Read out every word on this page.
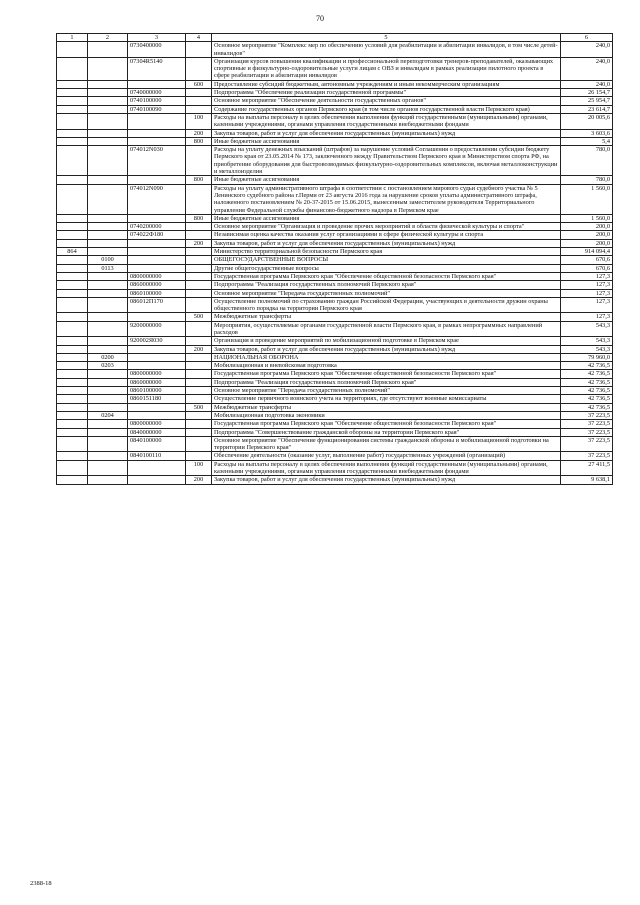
70
1	2	3	4	5	6
		0730400000		Основное мероприятие "Комплекс мер по обеспечению условий для реабилитации и абилитации инвалидов, в том числе детей-инвалидов"	240,0
		07304R5140		Организация курсов повышения квалификации и профессиональной переподготовки тренеров-преподавателей, оказывающих спортивные и физкультурно-оздоровительные услуги лицам с ОВЗ и инвалидам в рамках реализации пилотного проекта в сфере реабилитации и абилитации инвалидов	240,0
			600	Предоставление субсидий бюджетным, автономным учреждениям и иным некоммерческим организациям	240,0
		0740000000		Подпрограмма "Обеспечение реализации государственной программы"	26 154,7
		0740100000		Основное мероприятие "Обеспечение деятельности государственных органов"	25 954,7
		0740100090		Содержание государственных органов Пермского края (в том числе органов государственной власти Пермского края)	23 614,7
			100	Расходы на выплаты персоналу в целях обеспечения выполнения функций государственными (муниципальными) органами, казенными учреждениями, органами управления государственными внебюджетными фондами	20 005,6
			200	Закупка товаров, работ и услуг для обеспечения государственных (муниципальных) нужд	3 603,6
			800	Иные бюджетные ассигнования	5,4
		074012N030		Расходы на уплату денежных взысканий (штрафов) за нарушение условий Соглашения о предоставлении субсидии бюджету Пермского края от 23.05.2014 № 173, заключенного между Правительством Пермского края и Министерством спорта РФ, на приобретение оборудования для быстровозводимых физкультурно-оздоровительных комплексов, включая металлоконструкции и металлоизделия	780,0
			800	Иные бюджетные ассигнования	780,0
		074012N090		Расходы на уплату административного штрафа в соответствии с постановлением мирового судьи судебного участка № 5 Ленинского судебного района г.Перми от 23 августа 2016 года за нарушение сроков уплаты административного штрафа, наложенного постановлением № 20-37-2015 от 15.06.2015, вынесенным заместителем руководителя Территориального управления Федеральной службы финансово-бюджетного надзора в Пермском крае	1 560,0
			800	Иные бюджетные ассигнования	1 560,0
		0740200000		Основное мероприятие "Организация и проведение прочих мероприятий в области физической культуры и спорта"	200,0
		074022Ф180		Независимая оценка качества оказания услуг организациями в сфере физической культуры и спорта	200,0
			200	Закупка товаров, работ и услуг для обеспечения государственных (муниципальных) нужд	200,0
864				Министерство территориальной безопасности Пермского края	914 094,4
	0100			ОБЩЕГОСУДАРСТВЕННЫЕ ВОПРОСЫ	670,6
	0113			Другие общегосударственные вопросы	670,6
		0800000000		Государственная программа Пермского края "Обеспечение общественной безопасности Пермского края"	127,3
		0860000000		Подпрограмма "Реализация государственных полномочий Пермского края"	127,3
		0860100000		Основное мероприятие "Передача государственных полномочий"	127,3
		086012П170		Осуществление полномочий по страхованию граждан Российской Федерации, участвующих в деятельности дружин охраны общественного порядка на территории Пермского края	127,3
			500	Межбюджетные трансферты	127,3
		9200000000		Мероприятия, осуществляемые органами государственной власти Пермского края, в рамках непрограммных направлений расходов	543,3
		920002Я030		Организация и проведение мероприятий по мобилизационной подготовке в Пермском крае	543,3
			200	Закупка товаров, работ и услуг для обеспечения государственных (муниципальных) нужд	543,3
	0200			НАЦИОНАЛЬНАЯ ОБОРОНА	79 960,0
	0203			Мобилизационная и вневойсковая подготовка	42 736,5
		0800000000		Государственная программа Пермского края "Обеспечение общественной безопасности Пермского края"	42 736,5
		0860000000		Подпрограмма "Реализация государственных полномочий Пермского края"	42 736,5
		0860100000		Основное мероприятие "Передача государственных полномочий"	42 736,5
		0860151180		Осуществление первичного воинского учета на территориях, где отсутствуют военные комиссариаты	42 736,5
			500	Межбюджетные трансферты	42 736,5
	0204			Мобилизационная подготовка экономики	37 223,5
		0800000000		Государственная программа Пермского края "Обеспечение общественной безопасности Пермского края"	37 223,5
		0840000000		Подпрограмма "Совершенствование гражданской обороны на территории Пермского края"	37 223,5
		0840100000		Основное мероприятие "Обеспечение функционирования системы гражданской обороны и мобилизационной подготовки на территории Пермского края"	37 223,5
		0840100110		Обеспечение деятельности (оказание услуг, выполнение работ) государственных учреждений (организаций)	37 223,5
			100	Расходы на выплаты персоналу в целях обеспечения выполнения функций государственными (муниципальными) органами, казенными учреждениями, органами управления государственными внебюджетными фондами	27 411,5
			200	Закупка товаров, работ и услуг для обеспечения государственных (муниципальных) нужд	9 638,1
2388-18
